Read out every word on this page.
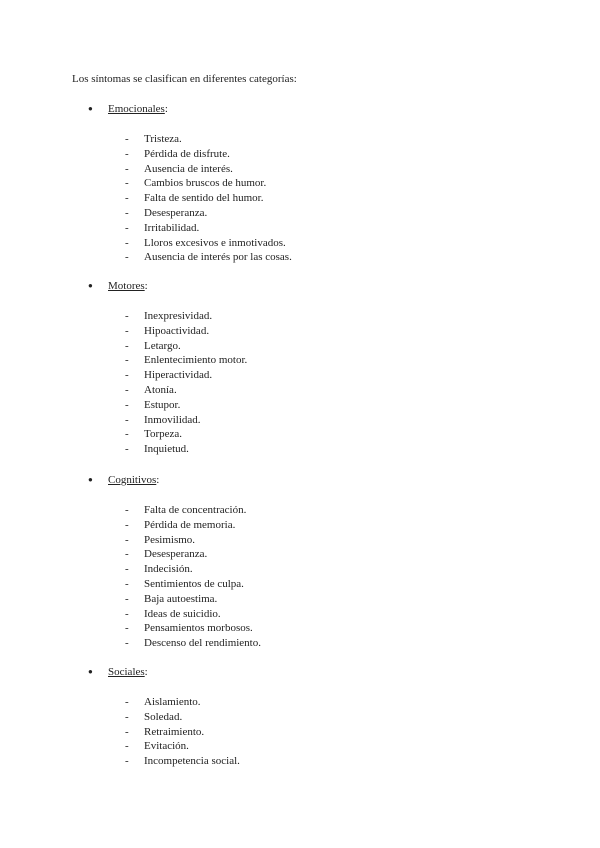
Los síntomas se clasifican en diferentes categorías:
● Emocionales:
- Tristeza.
- Pérdida de disfrute.
- Ausencia de interés.
- Cambios bruscos de humor.
- Falta de sentido del humor.
- Desesperanza.
- Irritabilidad.
- Lloros excesivos e inmotivados.
- Ausencia de interés por las cosas.
● Motores:
- Inexpresividad.
- Hipoactividad.
- Letargo.
- Enlentecimiento motor.
- Hiperactividad.
- Atonía.
- Estupor.
- Inmovilidad.
- Torpeza.
- Inquietud.
● Cognitivos:
- Falta de concentración.
- Pérdida de memoria.
- Pesimismo.
- Desesperanza.
- Indecisión.
- Sentimientos de culpa.
- Baja autoestima.
- Ideas de suicidio.
- Pensamientos morbosos.
- Descenso del rendimiento.
● Sociales:
- Aislamiento.
- Soledad.
- Retraimiento.
- Evitación.
- Incompetencia social.
